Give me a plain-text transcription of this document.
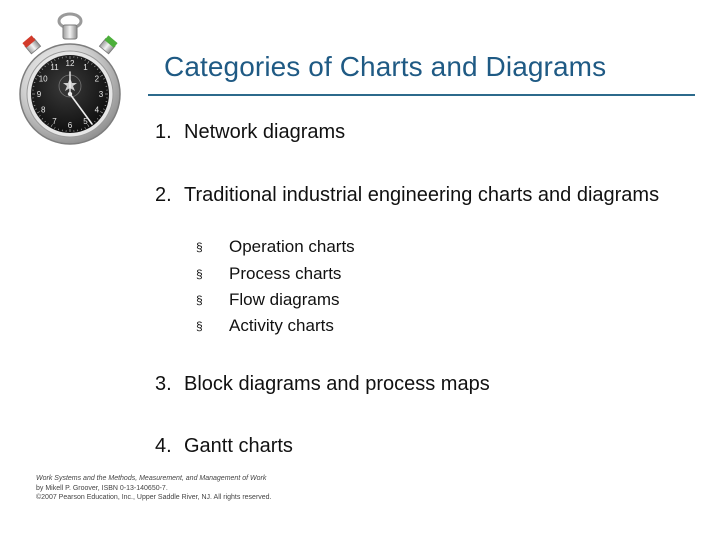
12 1
2
3
4
5
6
7
8
9
10
11	Categories of Charts and Diagrams
1. Network diagrams
2. Traditional industrial engineering charts and diagrams
§ Operation charts
§ Process charts
§ Flow diagrams
§ Activity charts
3. Block diagrams and process maps
4. Gantt charts
Work Systems and the Methods, Measurement, and Management of Work
by Mikell P. Groover, ISBN 0-13-140650-7.
©2007 Pearson Education, Inc., Upper Saddle River, NJ. All rights reserved.
